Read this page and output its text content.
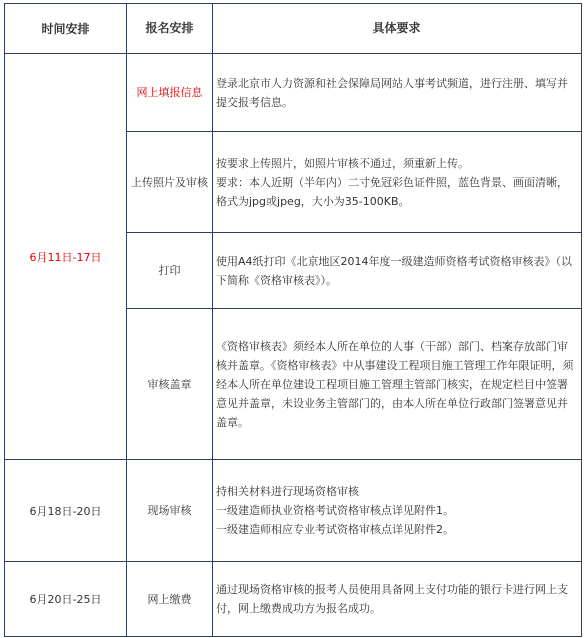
时间安排	报名安排	具体要求
6月11日-17日	网上填报信息	登录北京市人力资源和社会保障局网站人事考试频道，进行注册、填写并提交报考信息。

	上传照片及审核	按要求上传照片，如照片审核不通过，须重新上传。
要求：本人近期（半年内）二寸免冠彩色证件照，蓝色背景、画面清晰，格式为jpg或jpeg，大小为35-100KB。

	打印	使用A4纸打印《北京地区2014年度一级建造师资格考试资格审核表》（以下简称《资格审核表》）。

	审核盖章	《资格审核表》须经本人所在单位的人事（干部）部门、档案存放部门审核并盖章。《资格审核表》中从事建设工程项目施工管理工作年限证明，须经本人所在单位建设工程项目施工管理主管部门核实，在规定栏目中签署意见并盖章，未设业务主管部门的，由本人所在单位行政部门签署意见并盖章。

6月18日-20日	现场审核	持相关材料进行现场资格审核
一级建造师执业资格考试资格审核点详见附件1。
一级建造师相应专业考试资格审核点详见附件2。

6月20日-25日	网上缴费	通过现场资格审核的报考人员使用具备网上支付功能的银行卡进行网上支付，网上缴费成功方为报名成功。
